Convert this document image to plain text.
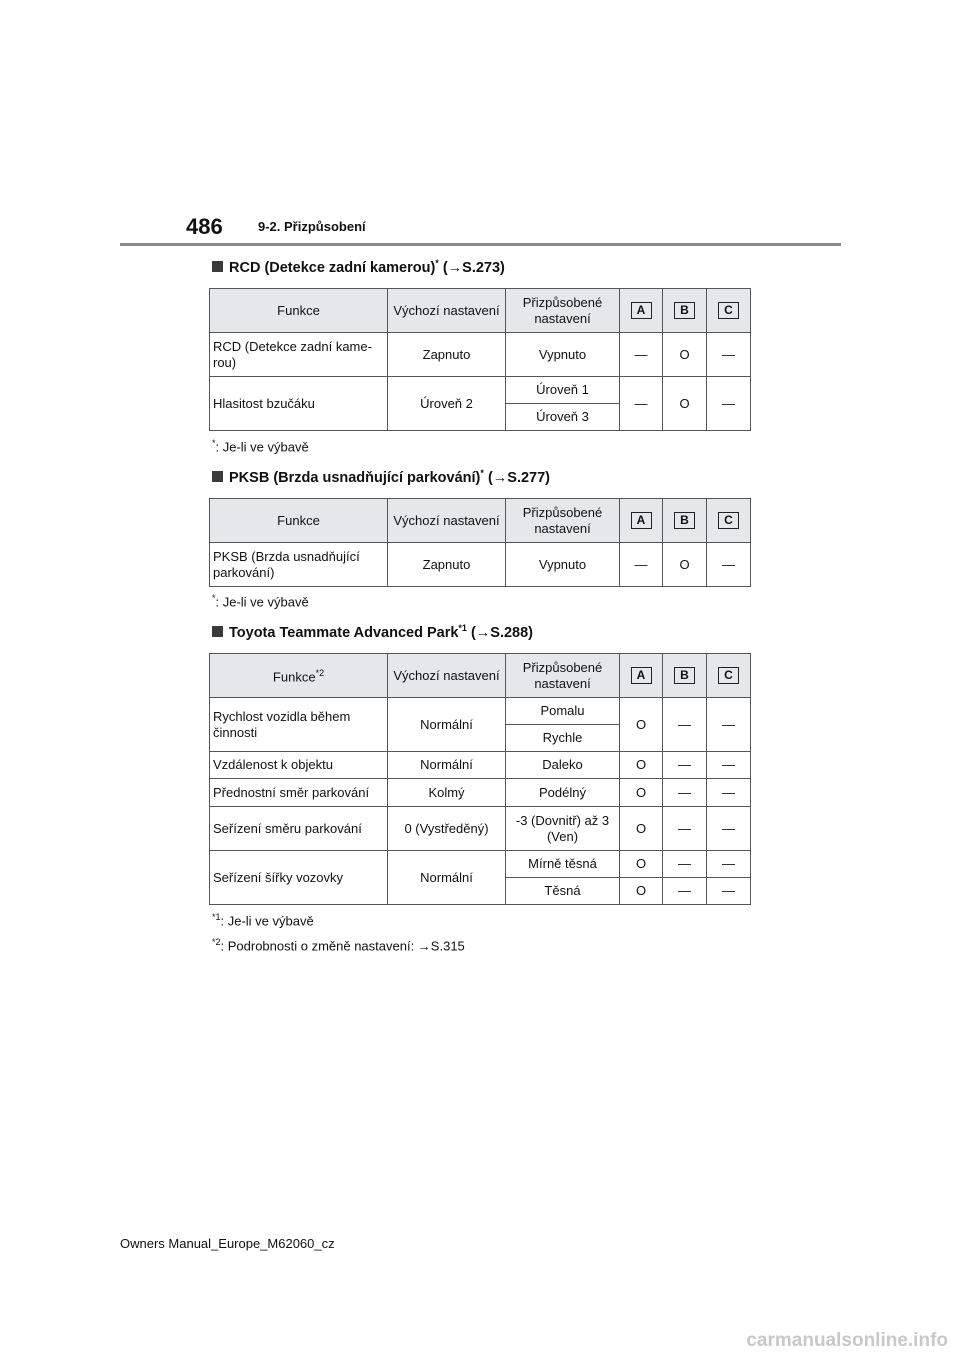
486	9-2. Přizpůsobení
RCD (Detekce zadní kamerou)* (→S.273)
Funkce	Výchozí nastavení	Přizpůsobené nastavení	A	B	C
RCD (Detekce zadní kame-rou)	Zapnuto	Vypnuto	—	O	—
Hlasitost bzučáku	Úroveň 2	Úroveň 1	—	O	—
		Úroveň 3			
*: Je-li ve výbavě
PKSB (Brzda usnadňující parkování)* (→S.277)
Funkce	Výchozí nastavení	Přizpůsobené nastavení	A	B	C
PKSB (Brzda usnadňující parkování)	Zapnuto	Vypnuto	—	O	—
*: Je-li ve výbavě
Toyota Teammate Advanced Park$^{*1}$ (→S.288)
Funkce$^{*2}$	Výchozí nastavení	Přizpůsobené nastavení	A	B	C
Rychlost vozidla během činnosti	Normální	Pomalu	O	—	—
		Rychle			
Vzdálenost k objektu	Normální	Daleko	O	—	—
Přednostní směr parkování	Kolmý	Podélný	O	—	—
Seřízení směru parkování	0 (Vystředěný)	-3 (Dovnitř) až 3 (Ven)	O	—	—
Seřízení šířky vozovky	Normální	Mírně těsná	O	—	—
		Těsná	O	—	—
$^{*1}$: Je-li ve výbavě
$^{*2}$: Podrobnosti o změně nastavení: →S.315
Owners Manual_Europe_M62060_cz
carmanualsonline.info
